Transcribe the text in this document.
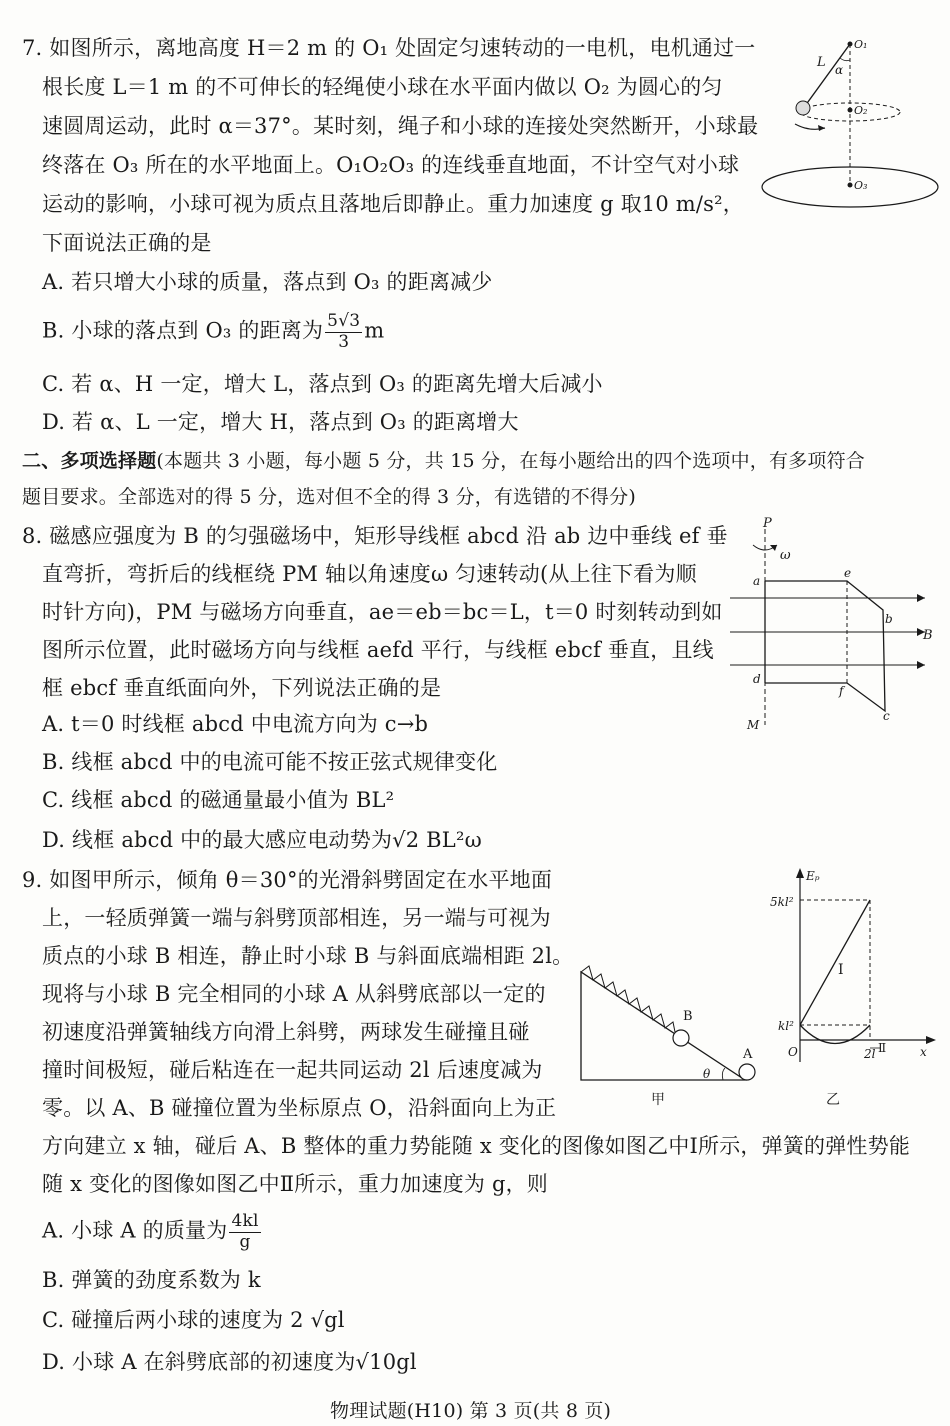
7. 如图所示，离地高度 H＝2 m 的 O₁ 处固定匀速转动的一电机，电机通过一
根长度 L＝1 m 的不可伸长的轻绳使小球在水平面内做以 O₂ 为圆心的匀
速圆周运动，此时 α＝37°。某时刻，绳子和小球的连接处突然断开，小球最
终落在 O₃ 所在的水平地面上。O₁O₂O₃ 的连线垂直地面，不计空气对小球
运动的影响，小球可视为质点且落地后即静止。重力加速度 g 取10 m/s²，
下面说法正确的是
A. 若只增大小球的质量，落点到 O₃ 的距离减少
B. 小球的落点到 O₃ 的距离为 $\frac{5√3}{3}$ m
C. 若 α、H 一定，增大 L，落点到 O₃ 的距离先增大后减小
D. 若 α、L 一定，增大 H，落点到 O₃ 的距离增大
L α
O₁
O₂
O₃
二、多项选择题(本题共 3 小题，每小题 5 分，共 15 分，在每小题给出的四个选项中，有多项符合
题目要求。全部选对的得 5 分，选对但不全的得 3 分，有选错的不得分)
8. 磁感应强度为 B 的匀强磁场中，矩形导线框 abcd 沿 ab 边中垂线 ef 垂
直弯折，弯折后的线框绕 PM 轴以角速度ω 匀速转动(从上往下看为顺
时针方向)，PM 与磁场方向垂直，ae＝eb＝bc＝L，t＝0 时刻转动到如
图所示位置，此时磁场方向与线框 aefd 平行，与线框 ebcf 垂直，且线
框 ebcf 垂直纸面向外，下列说法正确的是
A. t＝0 时线框 abcd 中电流方向为 c→b
B. 线框 abcd 中的电流可能不按正弦式规律变化
C. 线框 abcd 的磁通量最小值为 BL²
D. 线框 abcd 中的最大感应电动势为√2 BL²ω
P
ω
a
e
b
c
d
f
B
M
9. 如图甲所示，倾角 θ＝30°的光滑斜劈固定在水平地面
上，一轻质弹簧一端与斜劈顶部相连，另一端与可视为
质点的小球 B 相连，静止时小球 B 与斜面底端相距 2l。
现将与小球 B 完全相同的小球 A 从斜劈底部以一定的
初速度沿弹簧轴线方向滑上斜劈，两球发生碰撞且碰
撞时间极短，碰后粘连在一起共同运动 2l 后速度减为
零。以 A、B 碰撞位置为坐标原点 O，沿斜面向上为正
方向建立 x 轴，碰后 A、B 整体的重力势能随 x 变化的图像如图乙中Ⅰ所示，弹簧的弹性势能
随 x 变化的图像如图乙中Ⅱ所示，重力加速度为 g，则
A. 小球 A 的质量为 $\frac{4kl}{g}$
B. 弹簧的劲度系数为 k
C. 碰撞后两小球的速度为 2 √gl
D. 小球 A 在斜劈底部的初速度为√10gl
B
A
θ
甲
Eₚ
5kl²
kl²
O	2l	x
Ⅰ
Ⅱ
乙
物理试题(H10) 第 3 页(共 8 页)
